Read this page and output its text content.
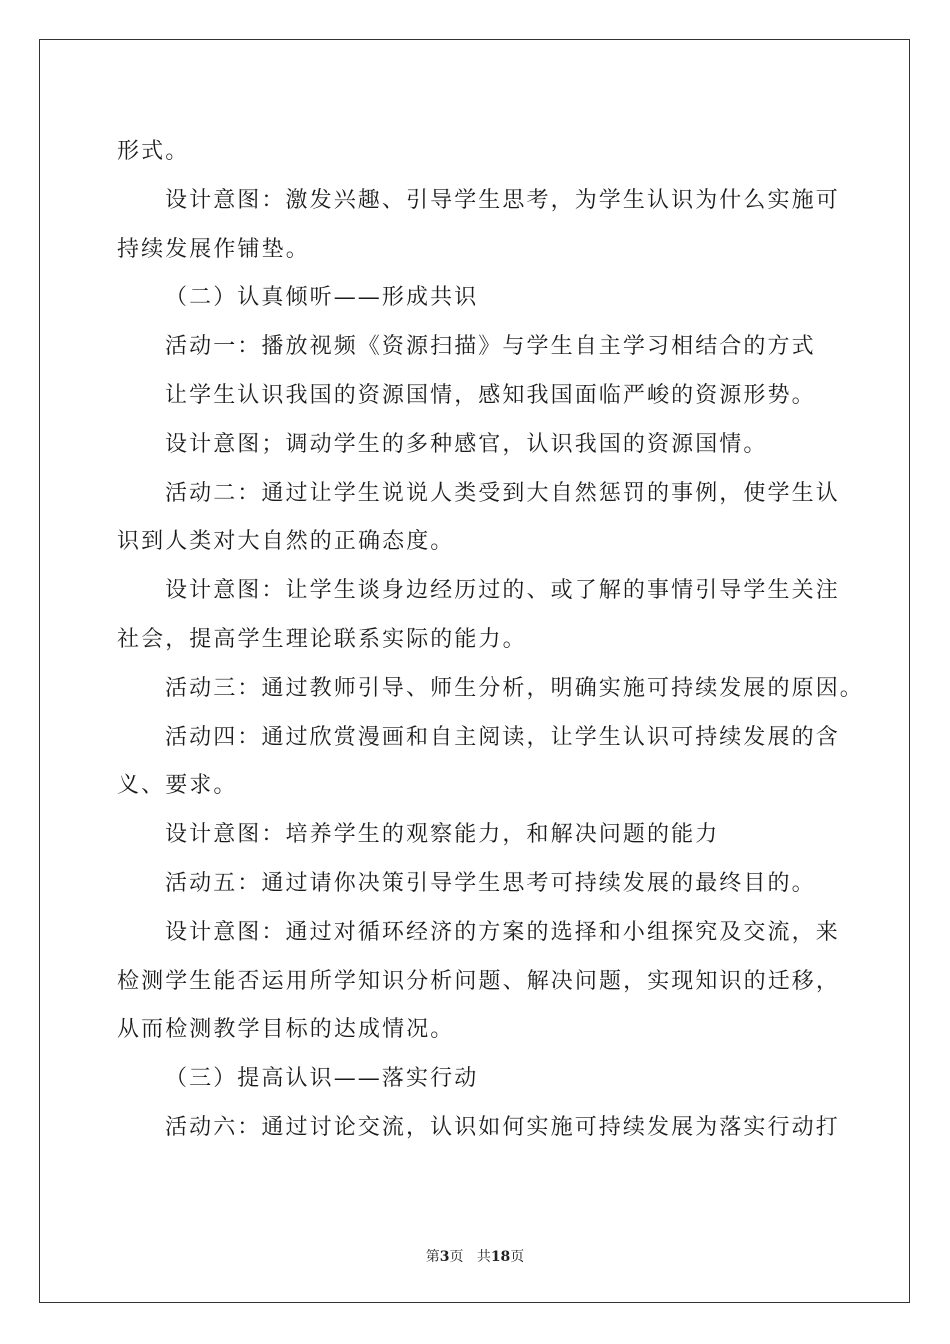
形式。
设计意图：激发兴趣、引导学生思考，为学生认识为什么实施可
持续发展作铺垫。
（二）认真倾听——形成共识
活动一：播放视频《资源扫描》与学生自主学习相结合的方式
让学生认识我国的资源国情，感知我国面临严峻的资源形势。
设计意图；调动学生的多种感官，认识我国的资源国情。
活动二：通过让学生说说人类受到大自然惩罚的事例，使学生认
识到人类对大自然的正确态度。
设计意图：让学生谈身边经历过的、或了解的事情引导学生关注
社会，提高学生理论联系实际的能力。
活动三：通过教师引导、师生分析，明确实施可持续发展的原因。
活动四：通过欣赏漫画和自主阅读，让学生认识可持续发展的含
义、要求。
设计意图：培养学生的观察能力，和解决问题的能力
活动五：通过请你决策引导学生思考可持续发展的最终目的。
设计意图：通过对循环经济的方案的选择和小组探究及交流，来
检测学生能否运用所学知识分析问题、解决问题，实现知识的迁移，
从而检测教学目标的达成情况。
（三）提高认识——落实行动
活动六：通过讨论交流，认识如何实施可持续发展为落实行动打
第3页 共18页
